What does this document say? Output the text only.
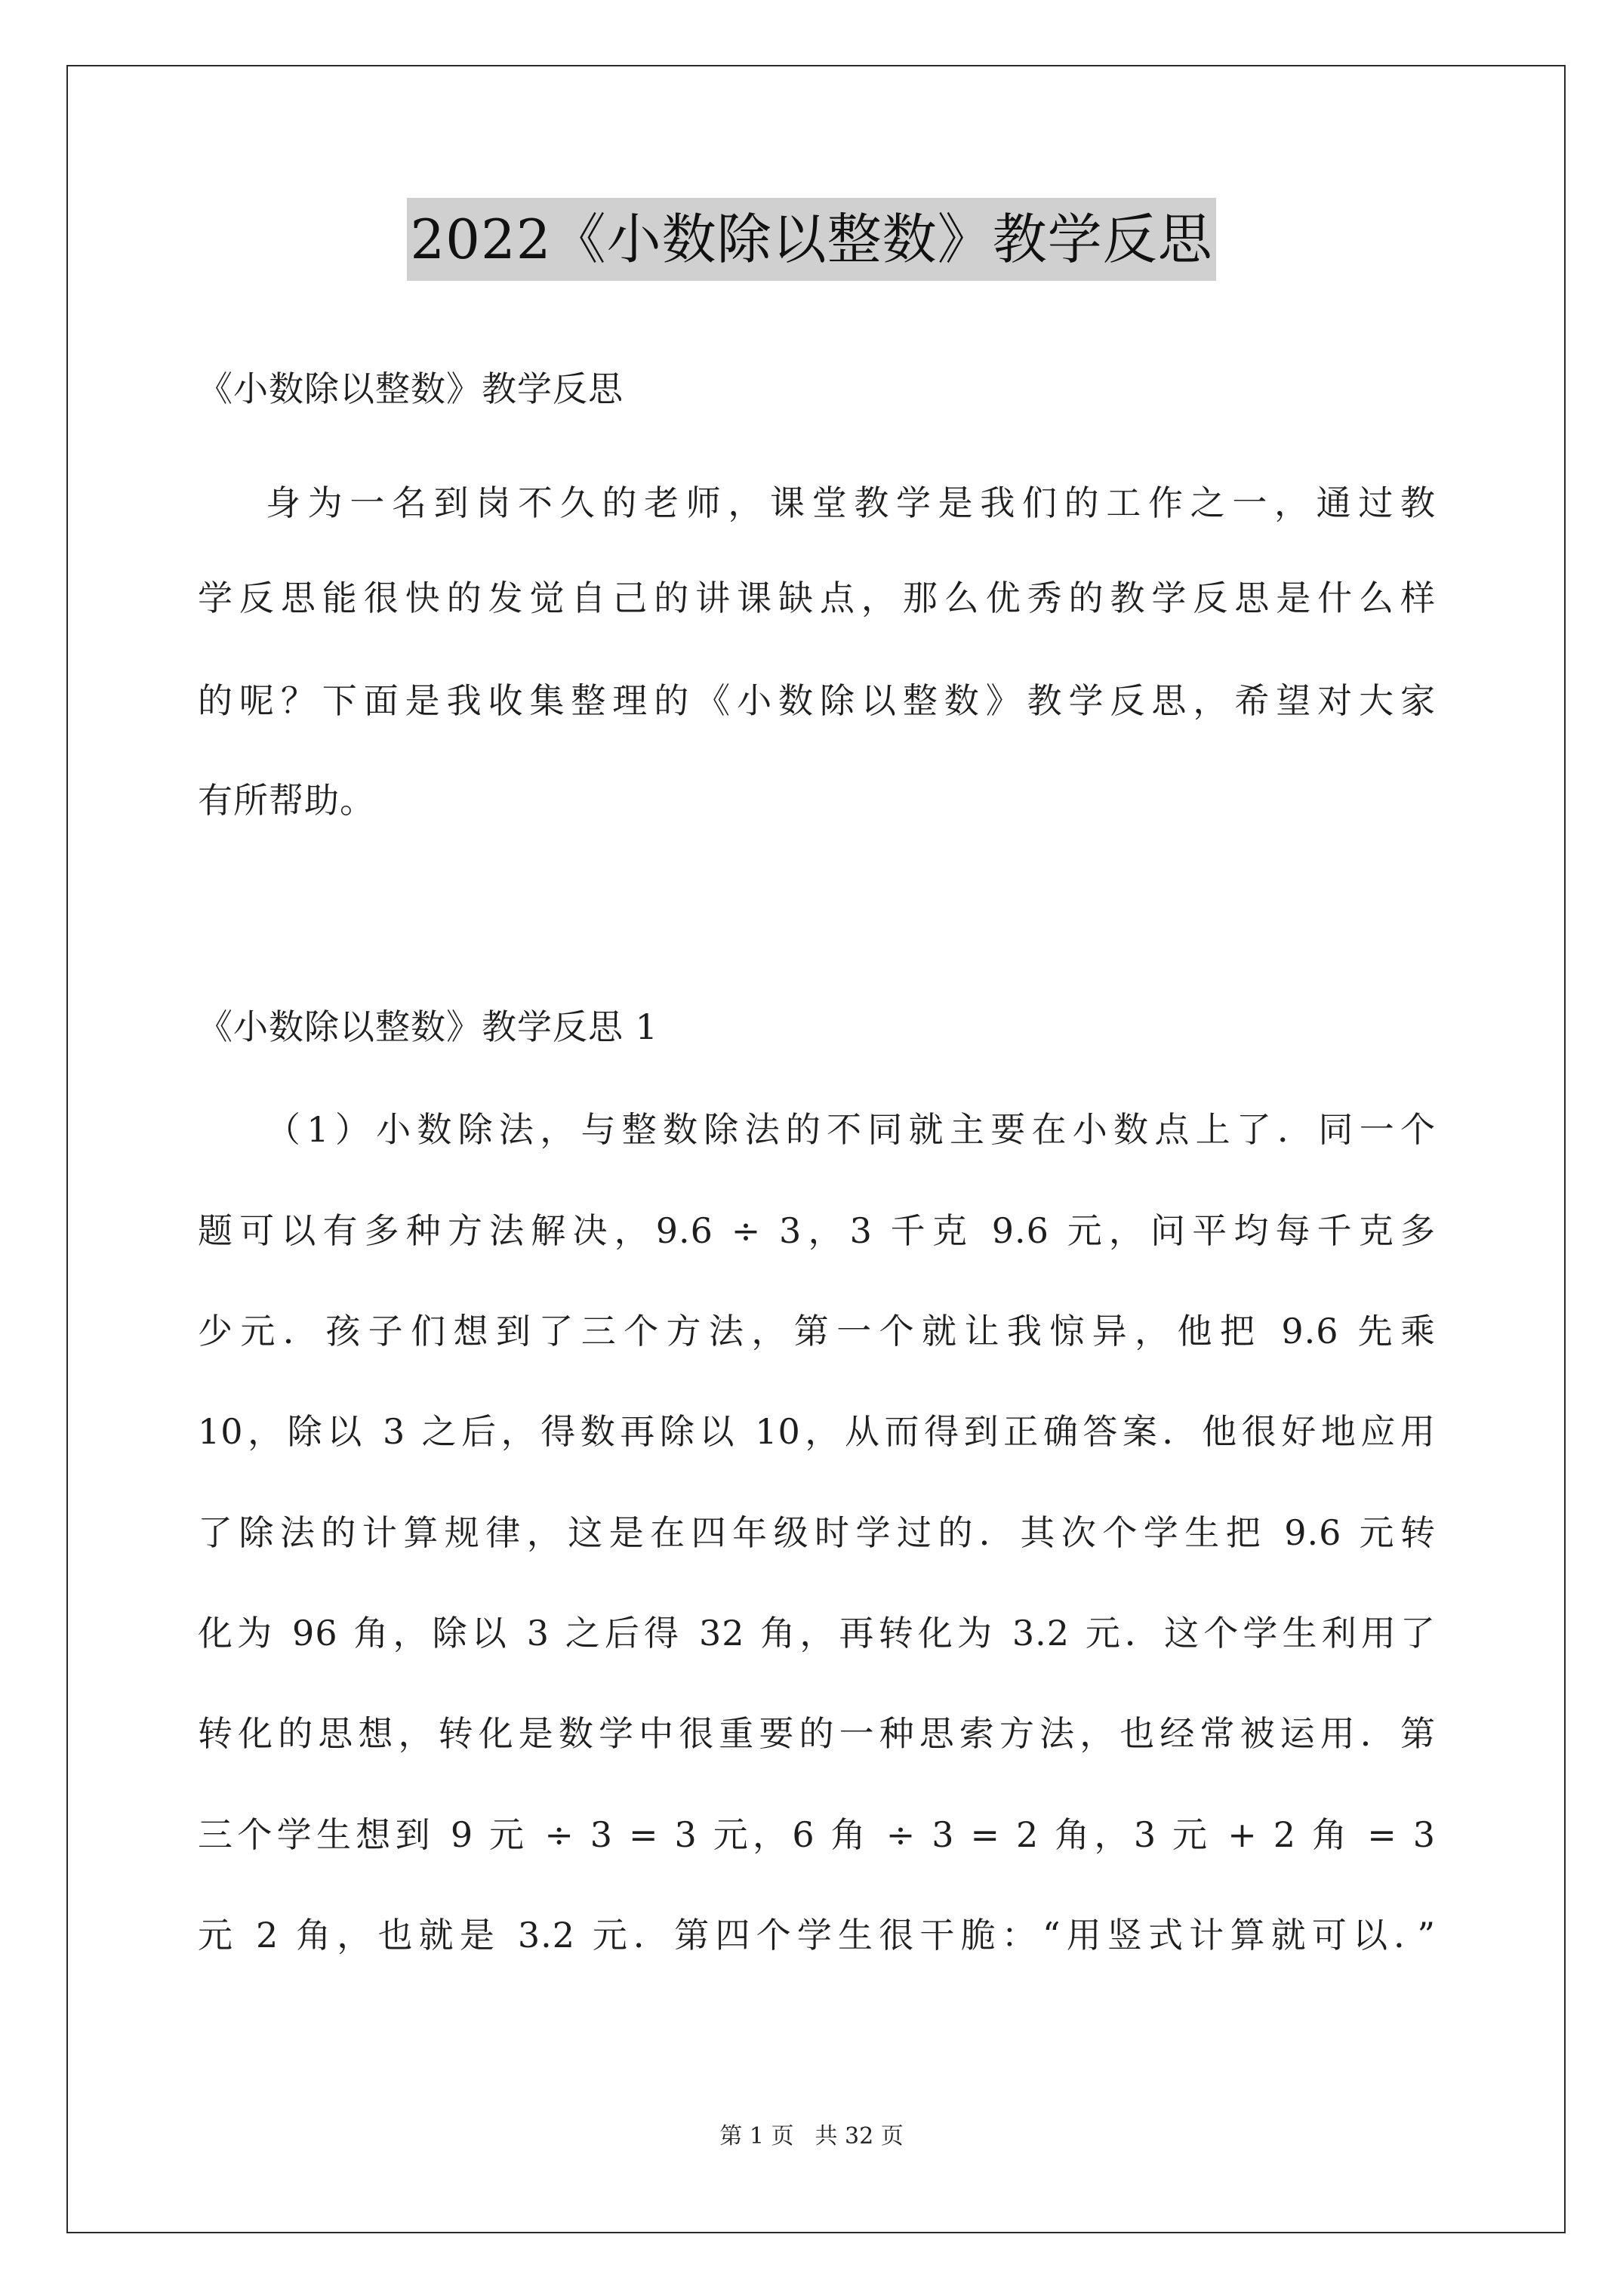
2022《小数除以整数》教学反思
《小数除以整数》教学反思
身为一名到岗不久的老师，课堂教学是我们的工作之一，通过教
学反思能很快的发觉自己的讲课缺点，那么优秀的教学反思是什么样
的呢？下面是我收集整理的《小数除以整数》教学反思，希望对大家
有所帮助。
《小数除以整数》教学反思 1
（1）小数除法，与整数除法的不同就主要在小数点上了．同一个
题可以有多种方法解决，9.6 ÷ 3，3 千克 9.6 元，问平均每千克多
少元．孩子们想到了三个方法，第一个就让我惊异，他把 9.6 先乘
10，除以 3 之后，得数再除以 10，从而得到正确答案．他很好地应用
了除法的计算规律，这是在四年级时学过的．其次个学生把 9.6 元转
化为 96 角，除以 3 之后得 32 角，再转化为 3.2 元．这个学生利用了
转化的思想，转化是数学中很重要的一种思索方法，也经常被运用．第
三个学生想到 9 元 ÷ 3 = 3 元，6 角 ÷ 3 = 2 角，3 元 + 2 角 = 3
元 2 角，也就是 3.2 元．第四个学生很干脆：“用竖式计算就可以．”
第 1 页 共 32 页
